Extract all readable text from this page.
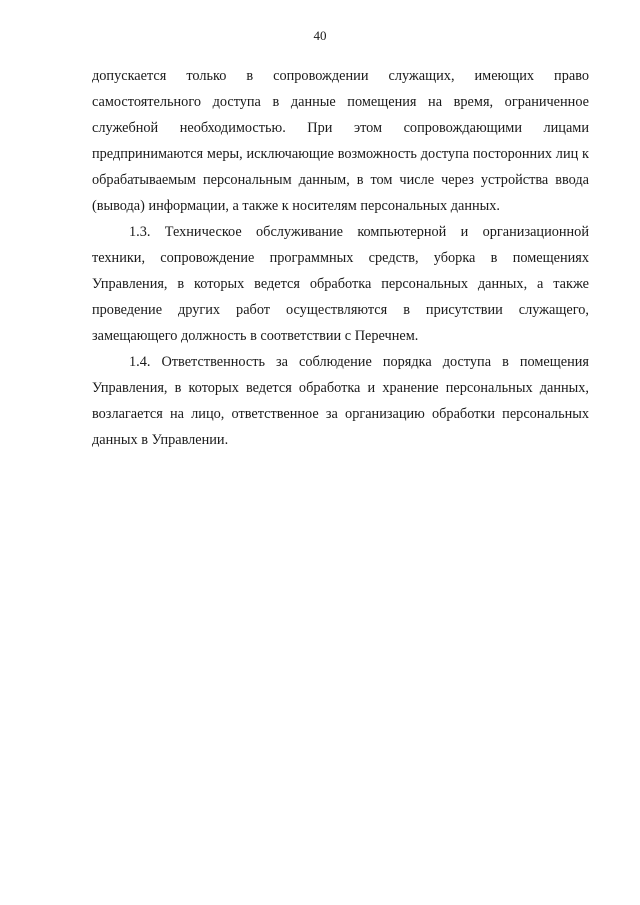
40

допускается только в сопровождении служащих, имеющих право самостоятельного доступа в данные помещения на время, ограниченное служебной необходимостью. При этом сопровождающими лицами предпринимаются меры, исключающие возможность доступа посторонних лиц к обрабатываемым персональным данным, в том числе через устройства ввода (вывода) информации, а также к носителям персональных данных.

1.3. Техническое обслуживание компьютерной и организационной техники, сопровождение программных средств, уборка в помещениях Управления, в которых ведется обработка персональных данных, а также проведение других работ осуществляются в присутствии служащего, замещающего должность в соответствии с Перечнем.

1.4. Ответственность за соблюдение порядка доступа в помещения Управления, в которых ведется обработка и хранение персональных данных, возлагается на лицо, ответственное за организацию обработки персональных данных в Управлении.
